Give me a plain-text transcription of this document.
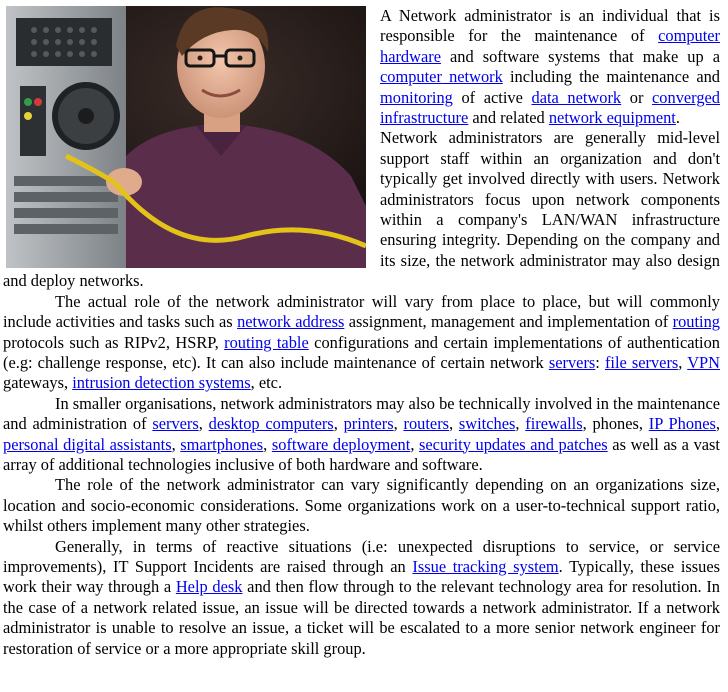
A Network administrator is an individual that is responsible for the maintenance of computer hardware and software systems that make up a computer network including the maintenance and monitoring of active data network or converged infrastructure and related network equipment.

Network administrators are generally mid-level support staff within an organization and don't typically get involved directly with users. Network administrators focus upon network components within a company's LAN/WAN infrastructure ensuring integrity. Depending on the company and its size, the network administrator may also design and deploy networks.

The actual role of the network administrator will vary from place to place, but will commonly include activities and tasks such as network address assignment, management and implementation of routing protocols such as RIPv2, HSRP, routing table configurations and certain implementations of authentication (e.g: challenge response, etc). It can also include maintenance of certain network servers: file servers, VPN gateways, intrusion detection systems, etc.

In smaller organisations, network administrators may also be technically involved in the maintenance and administration of servers, desktop computers, printers, routers, switches, firewalls, phones, IP Phones, personal digital assistants, smartphones, software deployment, security updates and patches as well as a vast array of additional technologies inclusive of both hardware and software.

The role of the network administrator can vary significantly depending on an organizations size, location and socio-economic considerations. Some organizations work on a user-to-technical support ratio, whilst others implement many other strategies.

Generally, in terms of reactive situations (i.e: unexpected disruptions to service, or service improvements), IT Support Incidents are raised through an Issue tracking system. Typically, these issues work their way through a Help desk and then flow through to the relevant technology area for resolution. In the case of a network related issue, an issue will be directed towards a network administrator. If a network administrator is unable to resolve an issue, a ticket will be escalated to a more senior network engineer for restoration of service or a more appropriate skill group.
